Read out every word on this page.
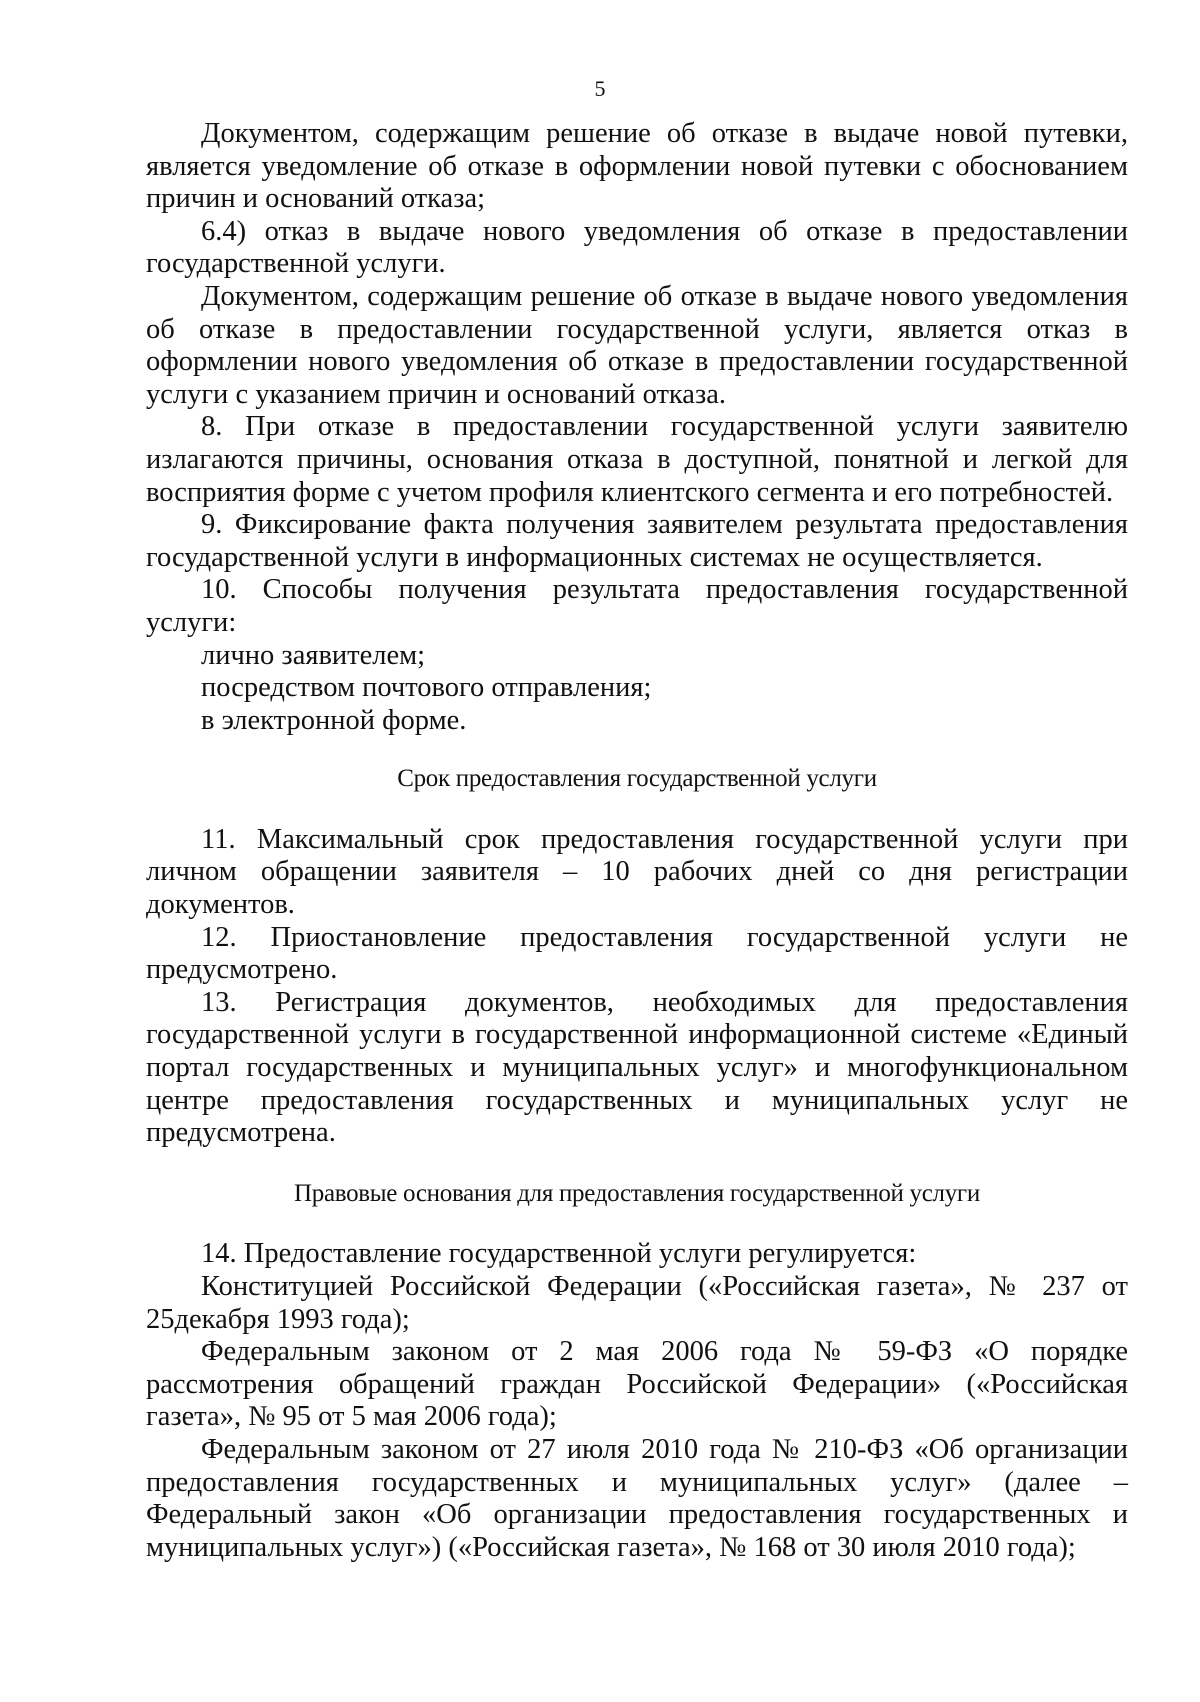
5

Документом, содержащим решение об отказе в выдаче новой путевки, является уведомление об отказе в оформлении новой путевки с обоснованием причин и оснований отказа;

6.4) отказ в выдаче нового уведомления об отказе в предоставлении государственной услуги.

Документом, содержащим решение об отказе в выдаче нового уведомления об отказе в предоставлении государственной услуги, является отказ в оформлении нового уведомления об отказе в предоставлении государственной услуги с указанием причин и оснований отказа.

8. При отказе в предоставлении государственной услуги заявителю излагаются причины, основания отказа в доступной, понятной и легкой для восприятия форме с учетом профиля клиентского сегмента и его потребностей.

9. Фиксирование факта получения заявителем результата предоставления государственной услуги в информационных системах не осуществляется.

10. Способы получения результата предоставления государственной услуги:

лично заявителем;

посредством почтового отправления;

в электронной форме.

Срок предоставления государственной услуги

11. Максимальный срок предоставления государственной услуги при личном обращении заявителя – 10 рабочих дней со дня регистрации документов.

12. Приостановление предоставления государственной услуги не предусмотрено.

13. Регистрация документов, необходимых для предоставления государственной услуги в государственной информационной системе «Единый портал государственных и муниципальных услуг» и многофункциональном центре предоставления государственных и муниципальных услуг не предусмотрена.

Правовые основания для предоставления государственной услуги

14. Предоставление государственной услуги регулируется:

Конституцией Российской Федерации («Российская газета», № 237 от 25декабря 1993 года);

Федеральным законом от 2 мая 2006 года № 59-ФЗ «О порядке рассмотрения обращений граждан Российской Федерации» («Российская газета», № 95 от 5 мая 2006 года);

Федеральным законом от 27 июля 2010 года № 210-ФЗ «Об организации предоставления государственных и муниципальных услуг» (далее – Федеральный закон «Об организации предоставления государственных и муниципальных услуг») («Российская газета», № 168 от 30 июля 2010 года);
